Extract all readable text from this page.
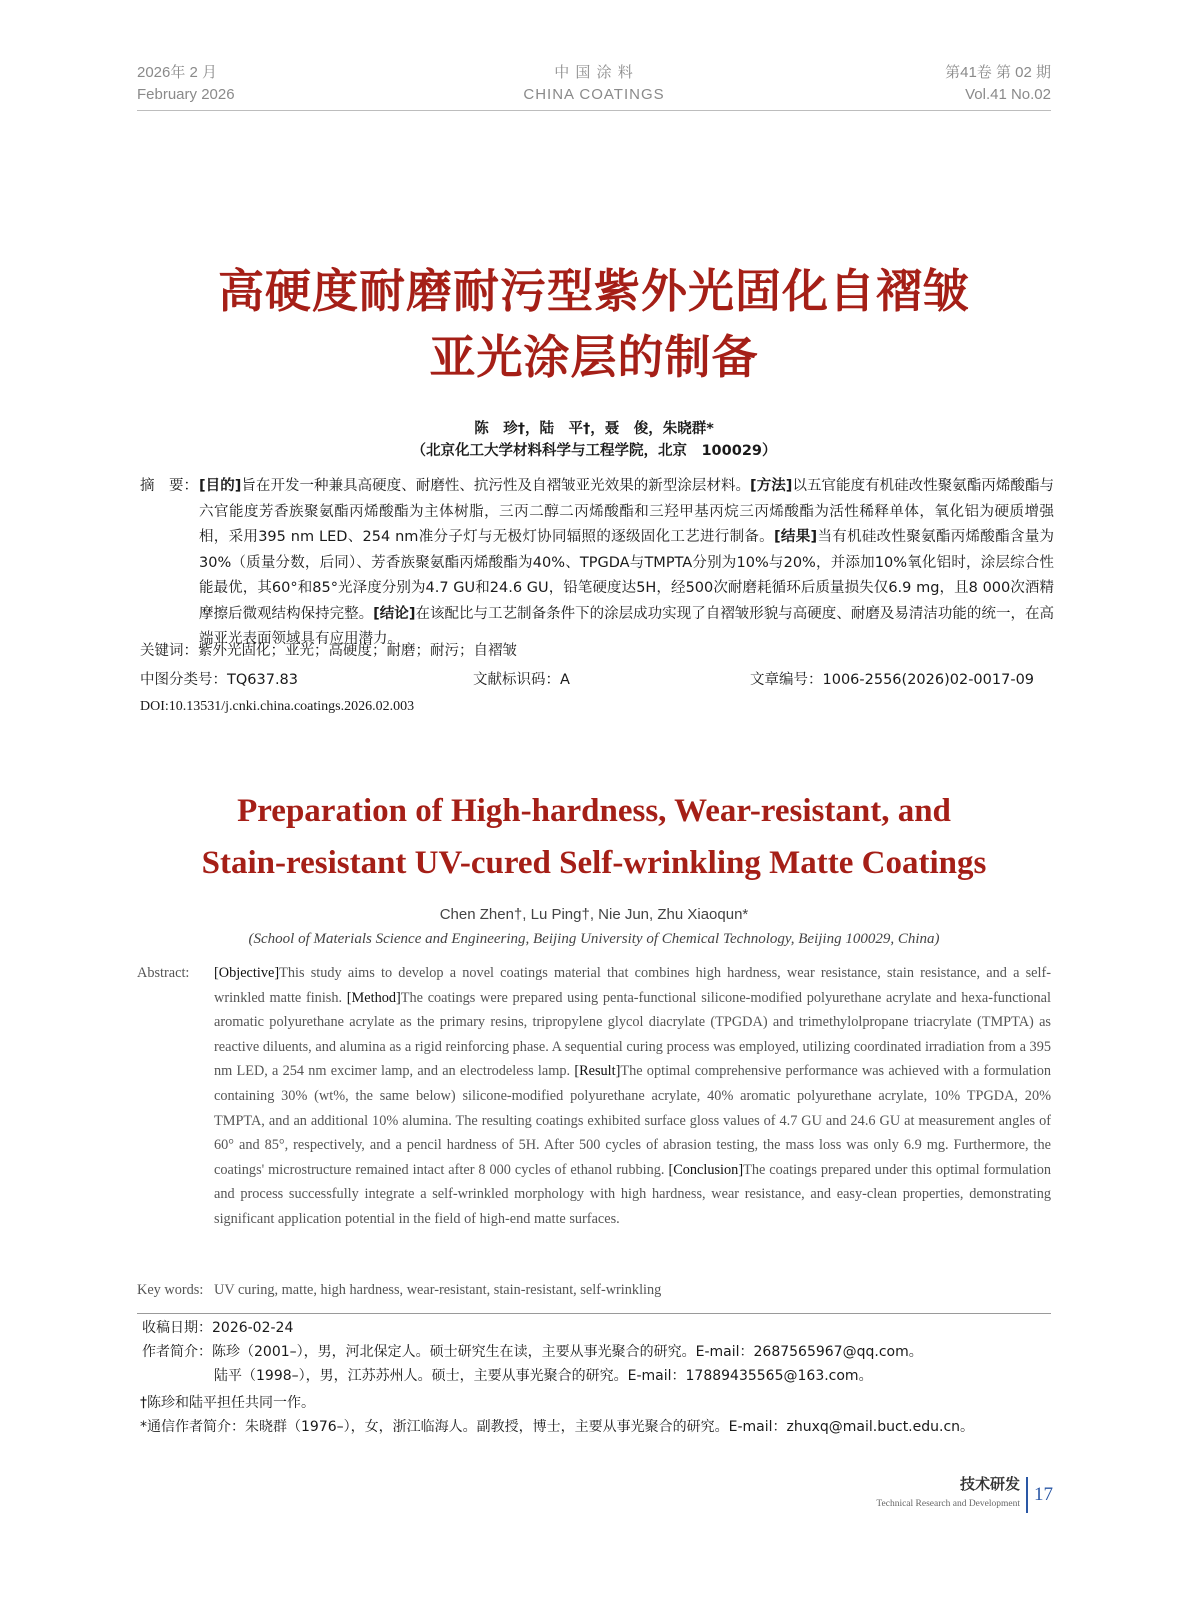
2026年 2 月
February 2026
中 国 涂 料
CHINA COATINGS
第41卷 第 02 期
Vol.41 No.02
高硬度耐磨耐污型紫外光固化自褶皱
亚光涂层的制备
陈　珍†，陆　平†，聂　俊，朱晓群*
（北京化工大学材料科学与工程学院，北京　100029）
摘　要： [目的]旨在开发一种兼具高硬度、耐磨性、抗污性及自褶皱亚光效果的新型涂层材料。[方法]以五官能度有机硅改性聚氨酯丙烯酸酯与六官能度芳香族聚氨酯丙烯酸酯为主体树脂，三丙二醇二丙烯酸酯和三羟甲基丙烷三丙烯酸酯为活性稀释单体，氧化铝为硬质增强相，采用395 nm LED、254 nm准分子灯与无极灯协同辐照的逐级固化工艺进行制备。[结果]当有机硅改性聚氨酯丙烯酸酯含量为30%（质量分数，后同）、芳香族聚氨酯丙烯酸酯为40%、TPGDA与TMPTA分别为10%与20%，并添加10%氧化铝时，涂层综合性能最优，其60°和85°光泽度分别为4.7 GU和24.6 GU，铅笔硬度达5H，经500次耐磨耗循环后质量损失仅6.9 mg，且8 000次酒精摩擦后微观结构保持完整。[结论]在该配比与工艺制备条件下的涂层成功实现了自褶皱形貌与高硬度、耐磨及易清洁功能的统一，在高端亚光表面领域具有应用潜力。
关键词：紫外光固化；亚光；高硬度；耐磨；耐污；自褶皱
中图分类号：TQ637.83	文献标识码：A	文章编号：1006-2556(2026)02-0017-09
DOI:10.13531/j.cnki.china.coatings.2026.02.003
Preparation of High-hardness, Wear-resistant, and
Stain-resistant UV-cured Self-wrinkling Matte Coatings
Chen Zhen†, Lu Ping†, Nie Jun, Zhu Xiaoqun*
(School of Materials Science and Engineering, Beijing University of Chemical Technology, Beijing 100029, China)
Abstract: [Objective]This study aims to develop a novel coatings material that combines high hardness, wear resistance, stain resistance, and a self-wrinkled matte finish. [Method]The coatings were prepared using penta-functional silicone-modified polyurethane acrylate and hexa-functional aromatic polyurethane acrylate as the primary resins, tripropylene glycol diacrylate (TPGDA) and trimethylolpropane triacrylate (TMPTA) as reactive diluents, and alumina as a rigid reinforcing phase. A sequential curing process was employed, utilizing coordinated irradiation from a 395 nm LED, a 254 nm excimer lamp, and an electrodeless lamp. [Result]The optimal comprehensive performance was achieved with a formulation containing 30% (wt%, the same below) silicone-modified polyurethane acrylate, 40% aromatic polyurethane acrylate, 10% TPGDA, 20% TMPTA, and an additional 10% alumina. The resulting coatings exhibited surface gloss values of 4.7 GU and 24.6 GU at measurement angles of 60° and 85°, respectively, and a pencil hardness of 5H. After 500 cycles of abrasion testing, the mass loss was only 6.9 mg. Furthermore, the coatings' microstructure remained intact after 8 000 cycles of ethanol rubbing. [Conclusion]The coatings prepared under this optimal formulation and process successfully integrate a self-wrinkled morphology with high hardness, wear resistance, and easy-clean properties, demonstrating significant application potential in the field of high-end matte surfaces.
Key words: UV curing, matte, high hardness, wear-resistant, stain-resistant, self-wrinkling
收稿日期：2026-02-24
作者简介：陈珍（2001–），男，河北保定人。硕士研究生在读，主要从事光聚合的研究。E-mail：2687565967@qq.com。
陆平（1998–），男，江苏苏州人。硕士，主要从事光聚合的研究。E-mail：17889435565@163.com。
†陈珍和陆平担任共同一作。
*通信作者简介：朱晓群（1976–），女，浙江临海人。副教授，博士，主要从事光聚合的研究。E-mail：zhuxq@mail.buct.edu.cn。
技术研发
Technical Research and Development 17
